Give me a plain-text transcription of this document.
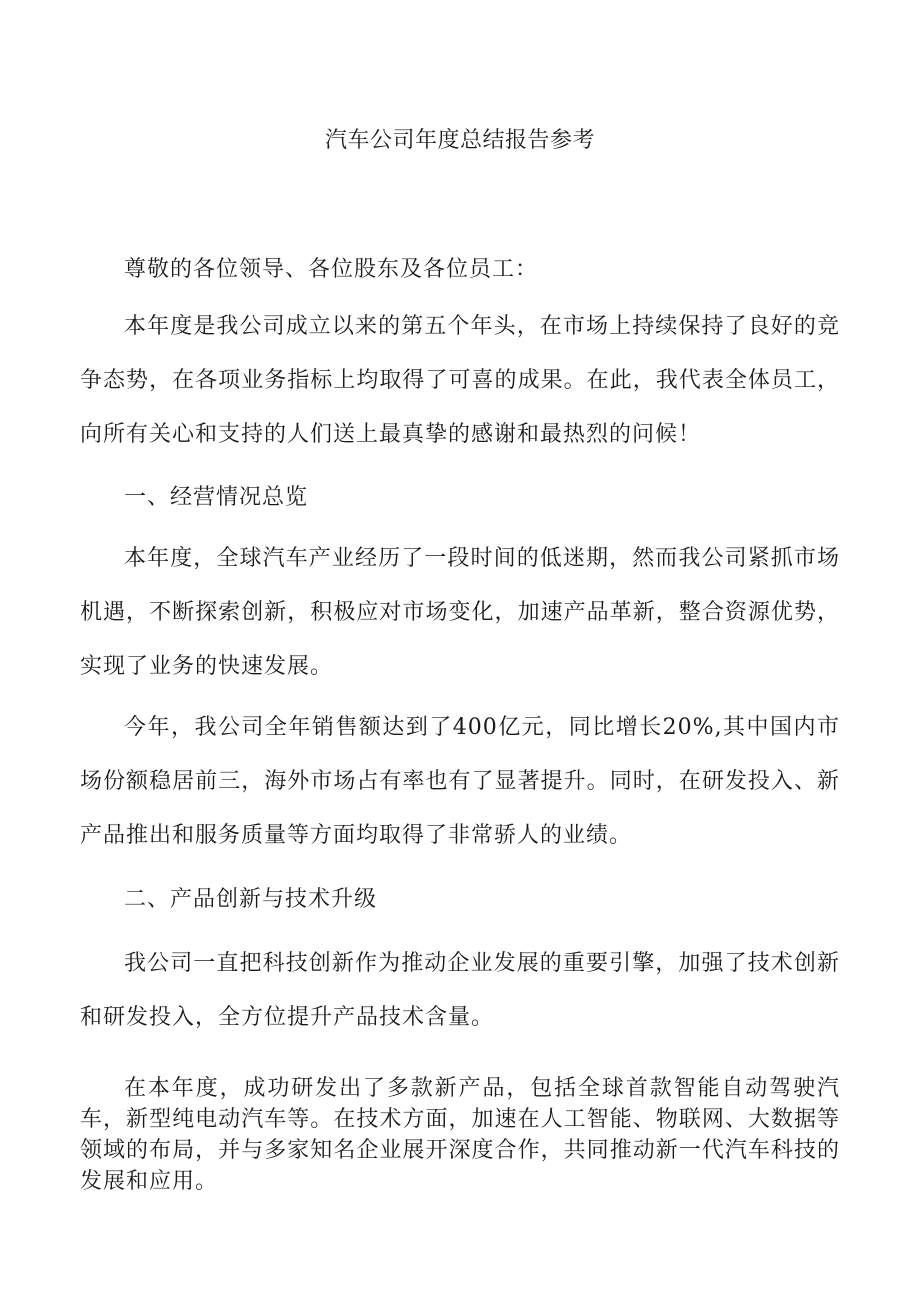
汽车公司年度总结报告参考

尊敬的各位领导、各位股东及各位员工：

本年度是我公司成立以来的第五个年头，在市场上持续保持了良好的竞争态势，在各项业务指标上均取得了可喜的成果。在此，我代表全体员工，向所有关心和支持的人们送上最真挚的感谢和最热烈的问候！

一、经营情况总览

本年度，全球汽车产业经历了一段时间的低迷期，然而我公司紧抓市场机遇，不断探索创新，积极应对市场变化，加速产品革新，整合资源优势，实现了业务的快速发展。

今年，我公司全年销售额达到了400亿元，同比增长20%,其中国内市场份额稳居前三，海外市场占有率也有了显著提升。同时，在研发投入、新产品推出和服务质量等方面均取得了非常骄人的业绩。

二、产品创新与技术升级

我公司一直把科技创新作为推动企业发展的重要引擎，加强了技术创新和研发投入，全方位提升产品技术含量。

在本年度，成功研发出了多款新产品，包括全球首款智能自动驾驶汽车，新型纯电动汽车等。在技术方面，加速在人工智能、物联网、大数据等领域的布局，并与多家知名企业展开深度合作，共同推动新一代汽车科技的发展和应用。
